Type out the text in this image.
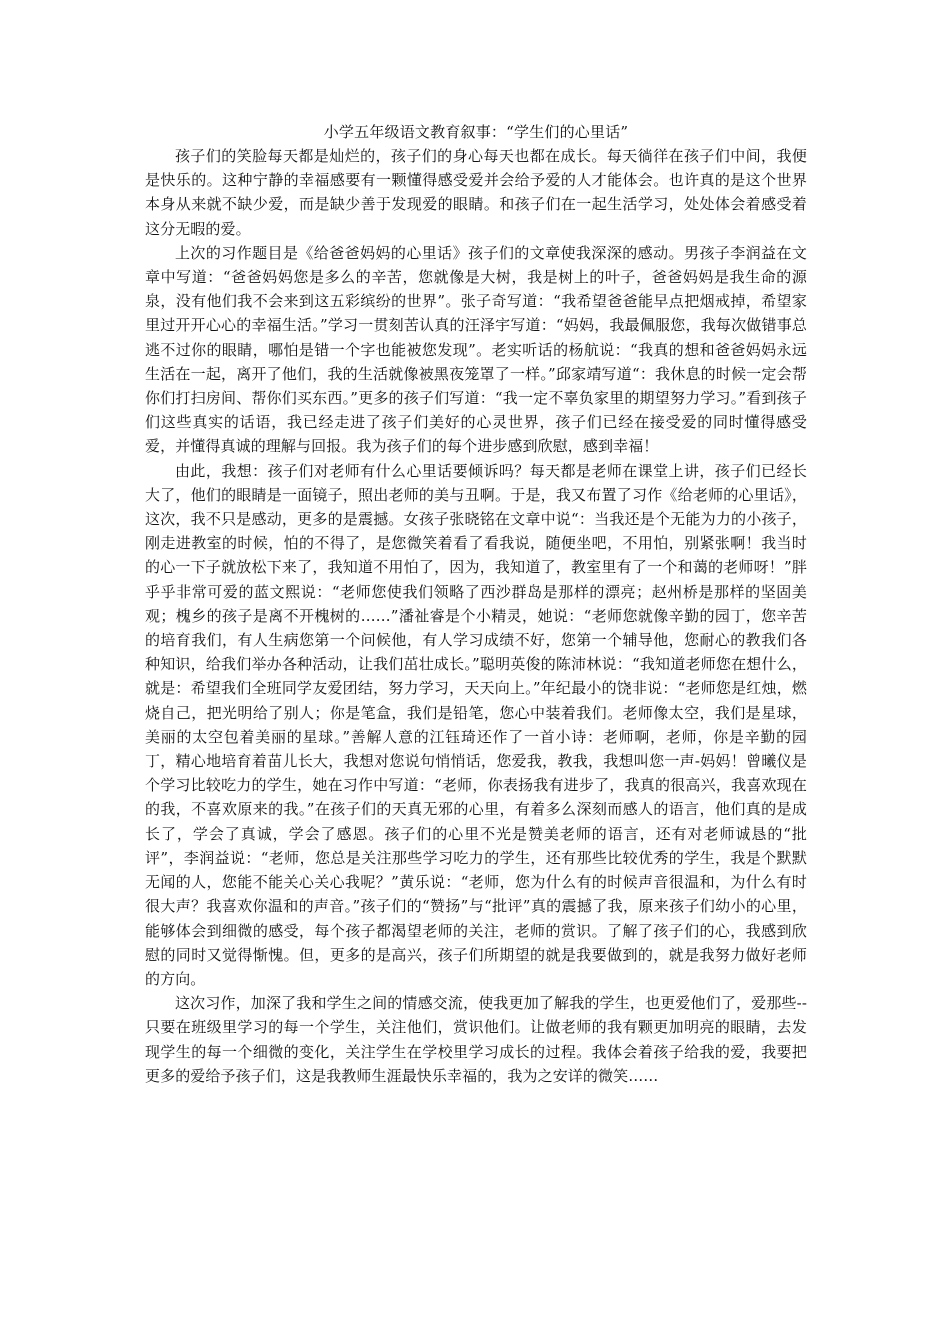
小学五年级语文教育叙事：“学生们的心里话”

孩子们的笑脸每天都是灿烂的，孩子们的身心每天也都在成长。每天徜徉在孩子们中间，我便是快乐的。这种宁静的幸福感要有一颗懂得感受爱并会给予爱的人才能体会。也许真的是这个世界本身从来就不缺少爱，而是缺少善于发现爱的眼睛。和孩子们在一起生活学习，处处体会着感受着这分无暇的爱。

上次的习作题目是《给爸爸妈妈的心里话》孩子们的文章使我深深的感动。男孩子李润益在文章中写道：“爸爸妈妈您是多么的辛苦，您就像是大树，我是树上的叶子，爸爸妈妈是我生命的源泉，没有他们我不会来到这五彩缤纷的世界”。张子奇写道：“我希望爸爸能早点把烟戒掉，希望家里过开开心心的幸福生活。”学习一贯刻苦认真的汪泽宇写道：“妈妈，我最佩服您，我每次做错事总逃不过你的眼睛，哪怕是错一个字也能被您发现”。老实听话的杨航说：“我真的想和爸爸妈妈永远生活在一起，离开了他们，我的生活就像被黑夜笼罩了一样。”邱家靖写道“：我休息的时候一定会帮你们打扫房间、帮你们买东西。”更多的孩子们写道：“我一定不辜负家里的期望努力学习。”看到孩子们这些真实的话语，我已经走进了孩子们美好的心灵世界，孩子们已经在接受爱的同时懂得感受爱，并懂得真诚的理解与回报。我为孩子们的每个进步感到欣慰，感到幸福！

由此，我想：孩子们对老师有什么心里话要倾诉吗？每天都是老师在课堂上讲，孩子们已经长大了，他们的眼睛是一面镜子，照出老师的美与丑啊。于是，我又布置了习作《给老师的心里话》，这次，我不只是感动，更多的是震撼。女孩子张晓铭在文章中说“：当我还是个无能为力的小孩子，刚走进教室的时候，怕的不得了，是您微笑着看了看我说，随便坐吧，不用怕，别紧张啊！我当时的心一下子就放松下来了，我知道不用怕了，因为，我知道了，教室里有了一个和蔼的老师呀！”胖乎乎非常可爱的蓝文熙说：“老师您使我们领略了西沙群岛是那样的漂亮；赵州桥是那样的坚固美观；槐乡的孩子是离不开槐树的……”潘祉睿是个小精灵，她说：“老师您就像辛勤的园丁，您辛苦的培育我们，有人生病您第一个问候他，有人学习成绩不好，您第一个辅导他，您耐心的教我们各种知识，给我们举办各种活动，让我们茁壮成长。”聪明英俊的陈沛林说：“我知道老师您在想什么，就是：希望我们全班同学友爱团结，努力学习，天天向上。”年纪最小的饶非说：“老师您是红烛，燃烧自己，把光明给了别人；你是笔盒，我们是铅笔，您心中装着我们。老师像太空，我们是星球，美丽的太空包着美丽的星球。”善解人意的江钰琦还作了一首小诗：老师啊，老师，你是辛勤的园丁，精心地培育着苗儿长大，我想对您说句悄悄话，您爱我，教我，我想叫您一声-妈妈！曾曦仪是个学习比较吃力的学生，她在习作中写道：“老师，你表扬我有进步了，我真的很高兴，我喜欢现在的我，不喜欢原来的我。”在孩子们的天真无邪的心里，有着多么深刻而感人的语言，他们真的是成长了，学会了真诚，学会了感恩。孩子们的心里不光是赞美老师的语言，还有对老师诚恳的“批评”，李润益说：“老师，您总是关注那些学习吃力的学生，还有那些比较优秀的学生，我是个默默无闻的人，您能不能关心关心我呢？”黄乐说：“老师，您为什么有的时候声音很温和，为什么有时很大声？我喜欢你温和的声音。”孩子们的“赞扬”与“批评”真的震撼了我，原来孩子们幼小的心里，能够体会到细微的感受，每个孩子都渴望老师的关注，老师的赏识。了解了孩子们的心，我感到欣慰的同时又觉得惭愧。但，更多的是高兴，孩子们所期望的就是我要做到的，就是我努力做好老师的方向。

这次习作，加深了我和学生之间的情感交流，使我更加了解我的学生，也更爱他们了，爱那些--只要在班级里学习的每一个学生，关注他们，赏识他们。让做老师的我有颗更加明亮的眼睛，去发现学生的每一个细微的变化，关注学生在学校里学习成长的过程。我体会着孩子给我的爱，我要把更多的爱给予孩子们，这是我教师生涯最快乐幸福的，我为之安详的微笑……
